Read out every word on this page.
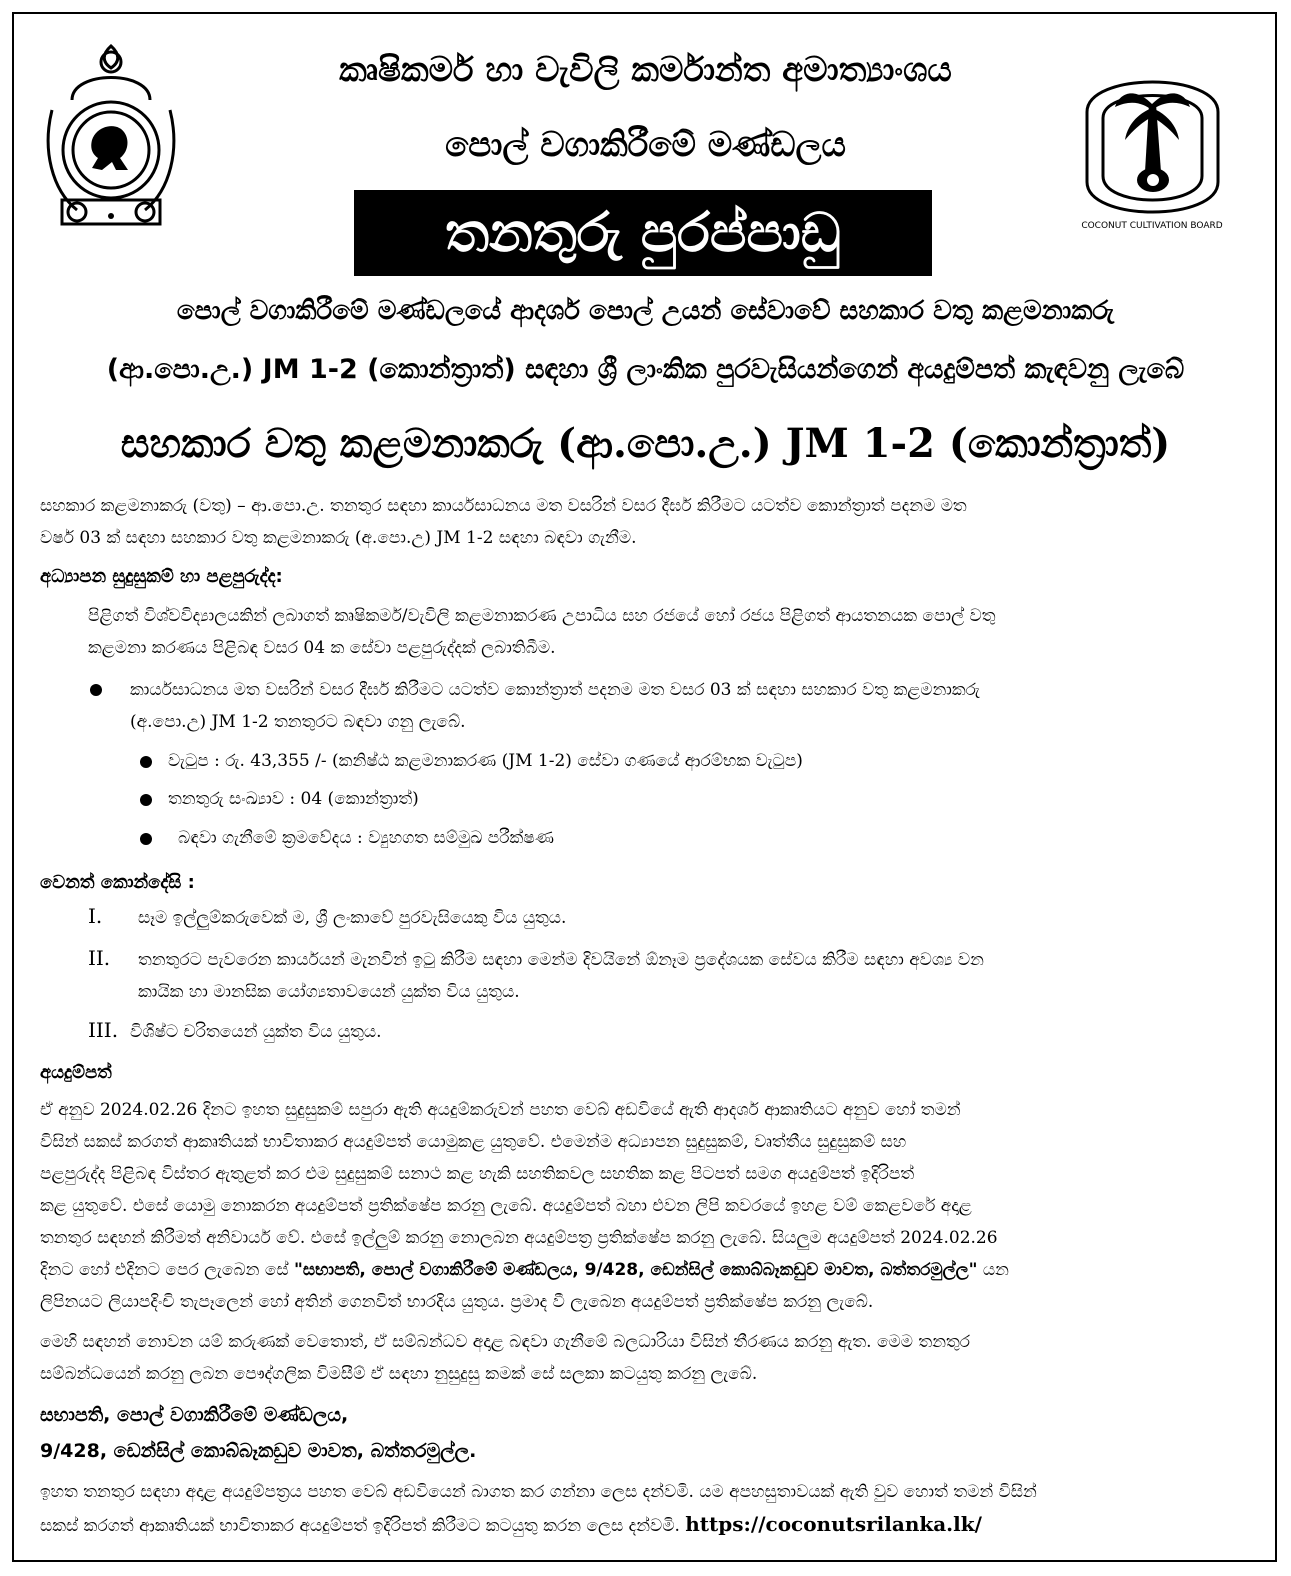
COCONUT CULTIVATION BOARD
කෘෂිකර්ම හා වැවිලි කර්මාන්ත අමාත්‍යාංශය
පොල් වගාකිරීමේ මණ්ඩලය
තනතුරු පුරප්පාඩු
පොල් වගාකිරීමේ මණ්ඩලයේ ආදර්ශ පොල් උයන් සේවාවේ සහකාර වතු කළමනාකරු
(ආ.පො.උ.) JM 1-2 (කොන්ත්‍රාත්) සඳහා ශ්‍රී ලාංකික පුරවැසියන්ගෙන් අයදුම්පත් කැඳවනු ලැබේ
සහකාර වතු කළමනාකරු (ආ.පො.උ.) JM 1-2 (කොන්ත්‍රාත්)
සහකාර කළමනාකරු (වතු) – ආ.පො.උ. තනතුර සඳහා කාර්යසාධනය මත වසරින් වසර දීර්ඝ කිරීමට යටත්ව කොන්ත්‍රාත් පදනම මත
වර්ෂ 03 ක් සඳහා සහකාර වතු කළමනාකරු (අ.පො.උ) JM 1-2 සඳහා බඳවා ගැනීම.
අධ්‍යාපන සුදුසුකම් හා පළපුරුද්ද:
පිළිගත් විශ්වවිද්‍යාලයකින් ලබාගත් කෘෂිකර්ම/වැවිලි කළමනාකරණ උපාධිය සහ රජයේ හෝ රජය පිළිගත් ආයතනයක පොල් වතු
කළමනා කරණය පිළිබඳ වසර 04 ක සේවා පළපුරුද්දක් ලබාතිබීම.
කාර්යසාධනය මත වසරින් වසර දීර්ඝ කිරීමට යටත්ව කොන්ත්‍රාත් පදනම මත වසර 03 ක් සඳහා සහකාර වතු කළමනාකරු
(අ.පො.උ) JM 1-2 තනතුරට බඳවා ගනු ලැබේ.
වැටුප : රු. 43,355 /- (කනිෂ්ඨ කළමනාකරණ (JM 1-2) සේවා ගණයේ ආරම්භක වැටුප)
තනතුරු සංඛ්‍යාව : 04 (කොන්ත්‍රාත්)
බඳවා ගැනීමේ ක්‍රමවේදය : ව්‍යුහගත සම්මුඛ පරීක්ෂණ
වෙනත් කොන්දේසි :
I. සෑම ඉල්ලුම්කරුවෙක් ම, ශ්‍රී ලංකාවේ පුරවැසියෙකු විය යුතුය.
II. තනතුරට පැවරෙන කාර්යයන් මැනවින් ඉටු කිරීම සඳහා මෙන්ම දිවයිනේ ඕනෑම ප්‍රදේශයක සේවය කිරීම සඳහා අවශ්‍ය වන
කායික හා මානසික යෝග්‍යතාවයෙන් යුක්ත විය යුතුය.
III. විශිෂ්ට චරිතයෙන් යුක්ත විය යුතුය.
අයදුම්පත්
ඒ අනුව 2024.02.26 දිනට ඉහත සුදුසුකම් සපුරා ඇති අයදුම්කරුවන් පහත වෙබ් අඩවියේ ඇති ආදර්ශ ආකෘතියට අනුව හෝ තමන්
විසින් සකස් කරගත් ආකෘතියක් භාවිතාකර අයදුම්පත් යොමුකළ යුතුවේ. එමෙන්ම අධ්‍යාපන සුදුසුකම්, වෘත්තීය සුදුසුකම් සහ
පළපුරුද්ද පිළිබඳ විස්තර ඇතුළත් කර එම සුදුසුකම් සනාථ කළ හැකි සහතිකවල සහතික කළ පිටපත් සමග අයදුම්පත් ඉදිරිපත්
කළ යුතුවේ. එසේ යොමු නොකරන අයදුම්පත් ප්‍රතික්ෂේප කරනු ලැබේ. අයදුම්පත් බහා එවන ලිපි කවරයේ ඉහළ වම් කෙළවරේ අදාළ
තනතුර සඳහන් කිරීමත් අනිවාර්ය වේ. එසේ ඉල්ලුම් කරනු නොලබන අයදුම්පත්‍ර ප්‍රතික්ෂේප කරනු ලැබේ. සියලුම අයදුම්පත් 2024.02.26
දිනට හෝ එදිනට පෙර ලැබෙන සේ "සභාපති, පොල් වගාකිරීමේ මණ්ඩලය, 9/428, ඩෙන්සිල් කොබ්බෑකඩුව මාවත, බත්තරමුල්ල" යන
ලිපිනයට ලියාපදිංචි තැපෑලෙන් හෝ අතින් ගෙනවිත් භාරදිය යුතුය. ප්‍රමාද වී ලැබෙන අයදුම්පත් ප්‍රතික්ෂේප කරනු ලැබේ.
මෙහි සඳහන් නොවන යම් කරුණක් වෙතොත්, ඒ සම්බන්ධව අදාළ බඳවා ගැනීමේ බලධාරියා විසින් තීරණය කරනු ඇත. මෙම තනතුර
සම්බන්ධයෙන් කරනු ලබන පෞද්ගලික විමසීම් ඒ සඳහා නුසුදුසු කමක් සේ සලකා කටයුතු කරනු ලැබේ.
සභාපති, පොල් වගාකිරීමේ මණ්ඩලය,
9/428, ඩෙන්සිල් කොබ්බෑකඩුව මාවත, බත්තරමුල්ල.
ඉහත තනතුර සඳහා අදාළ අයදුම්පත්‍රය පහත වෙබ් අඩවියෙන් බාගත කර ගන්නා ලෙස දන්වමි. යම අපහසුතාවයක් ඇති වුව හොත් තමන් විසින්
සකස් කරගත් ආකෘතියක් භාවිතාකර අයදුම්පත් ඉදිරිපත් කිරීමට කටයුතු කරන ලෙස දන්වමි. https://coconutsrilanka.lk/
